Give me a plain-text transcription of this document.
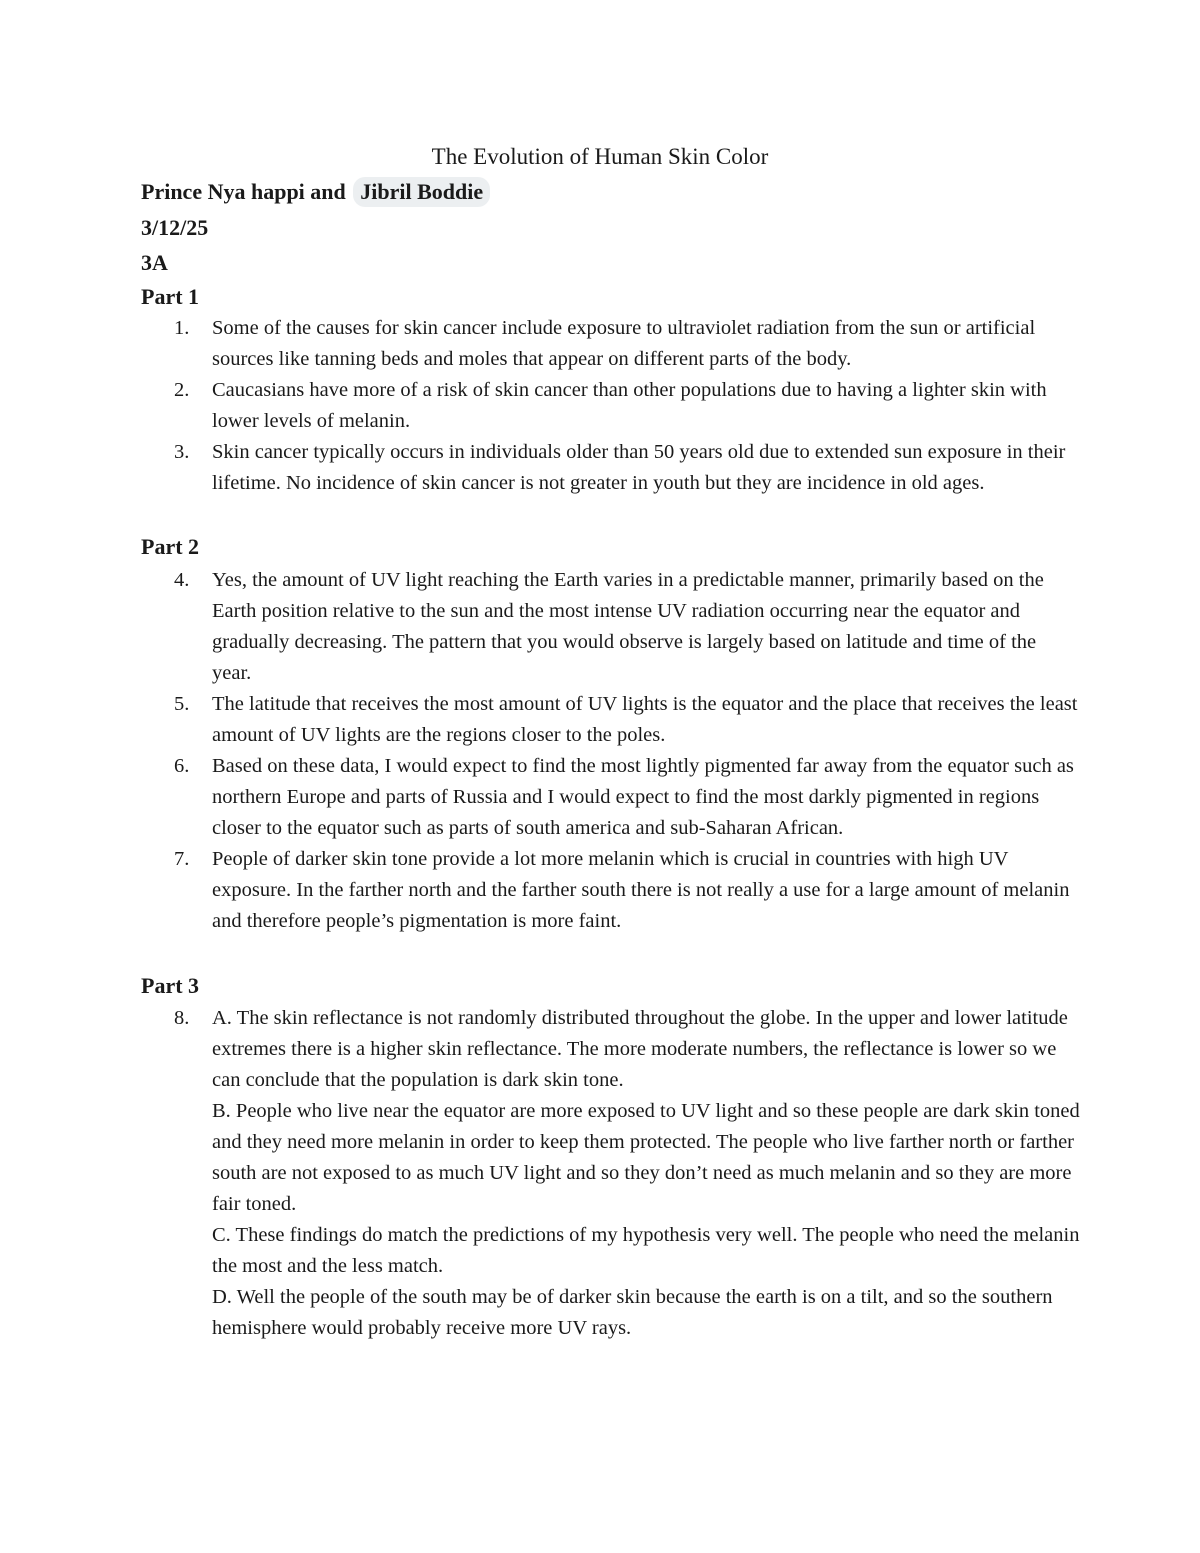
The Evolution of Human Skin Color
Prince Nya happi and Jibril Boddie
3/12/25
3A
Part 1
1. Some of the causes for skin cancer include exposure to ultraviolet radiation from the sun or artificial sources like tanning beds and moles that appear on different parts of the body.
2. Caucasians have more of a risk of skin cancer than other populations due to having a lighter skin with lower levels of melanin.
3. Skin cancer typically occurs in individuals older than 50 years old due to extended sun exposure in their lifetime. No incidence of skin cancer is not greater in youth but they are incidence in old ages.
Part 2
4. Yes, the amount of UV light reaching the Earth varies in a predictable manner, primarily based on the Earth position relative to the sun and the most intense UV radiation occurring near the equator and gradually decreasing. The pattern that you would observe is largely based on latitude and time of the year.
5. The latitude that receives the most amount of UV lights is the equator and the place that receives the least amount of UV lights are the regions closer to the poles.
6. Based on these data, I would expect to find the most lightly pigmented far away from the equator such as northern Europe and parts of Russia and I would expect to find the most darkly pigmented in regions closer to the equator such as parts of south america and sub-Saharan African.
7. People of darker skin tone provide a lot more melanin which is crucial in countries with high UV exposure. In the farther north and the farther south there is not really a use for a large amount of melanin and therefore people’s pigmentation is more faint.
Part 3
8. A. The skin reflectance is not randomly distributed throughout the globe. In the upper and lower latitude extremes there is a higher skin reflectance. The more moderate numbers, the reflectance is lower so we can conclude that the population is dark skin tone.
B. People who live near the equator are more exposed to UV light and so these people are dark skin toned and they need more melanin in order to keep them protected. The people who live farther north or farther south are not exposed to as much UV light and so they don’t need as much melanin and so they are more fair toned.
C. These findings do match the predictions of my hypothesis very well. The people who need the melanin the most and the less match.
D. Well the people of the south may be of darker skin because the earth is on a tilt, and so the southern hemisphere would probably receive more UV rays.
